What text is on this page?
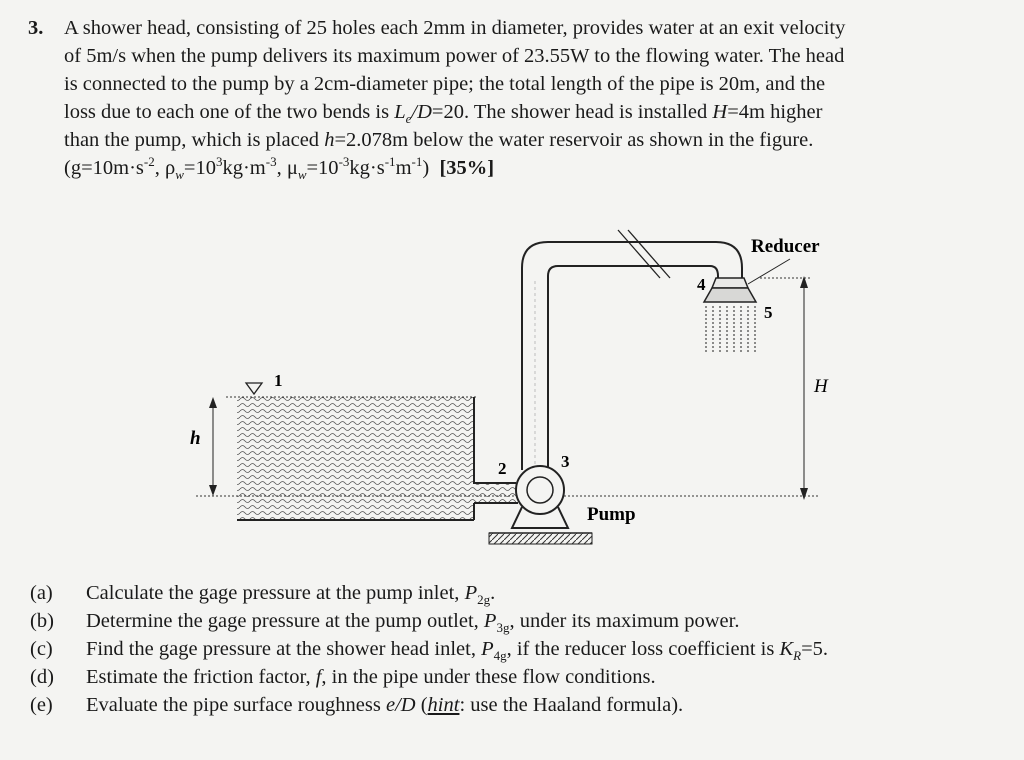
3. A shower head, consisting of 25 holes each 2mm in diameter, provides water at an exit velocity
of 5m/s when the pump delivers its maximum power of 23.55W to the flowing water. The head
is connected to the pump by a 2cm-diameter pipe; the total length of the pipe is 20m, and the
loss due to each one of the two bends is $L_e/D=20$. The shower head is installed H=4m higher
than the pump, which is placed h=2.078m below the water reservoir as shown in the figure.
($g=10m\cdot s^{-2}$, $\rho_w=10^3kg\cdot m^{-3}$, $\mu_w=10^{-3}kg\cdot s^{-1}m^{-1}$) [35%]
Reducer
4
5
H
h
1
2	3
Pump
(a) Calculate the gage pressure at the pump inlet, $P_{2g}$.
(b) Determine the gage pressure at the pump outlet, $P_{3g}$, under its maximum power.
(c) Find the gage pressure at the shower head inlet, $P_{4g}$, if the reducer loss coefficient is $K_R=5$.
(d) Estimate the friction factor, f, in the pipe under these flow conditions.
(e) Evaluate the pipe surface roughness e/D (hint: use the Haaland formula).
